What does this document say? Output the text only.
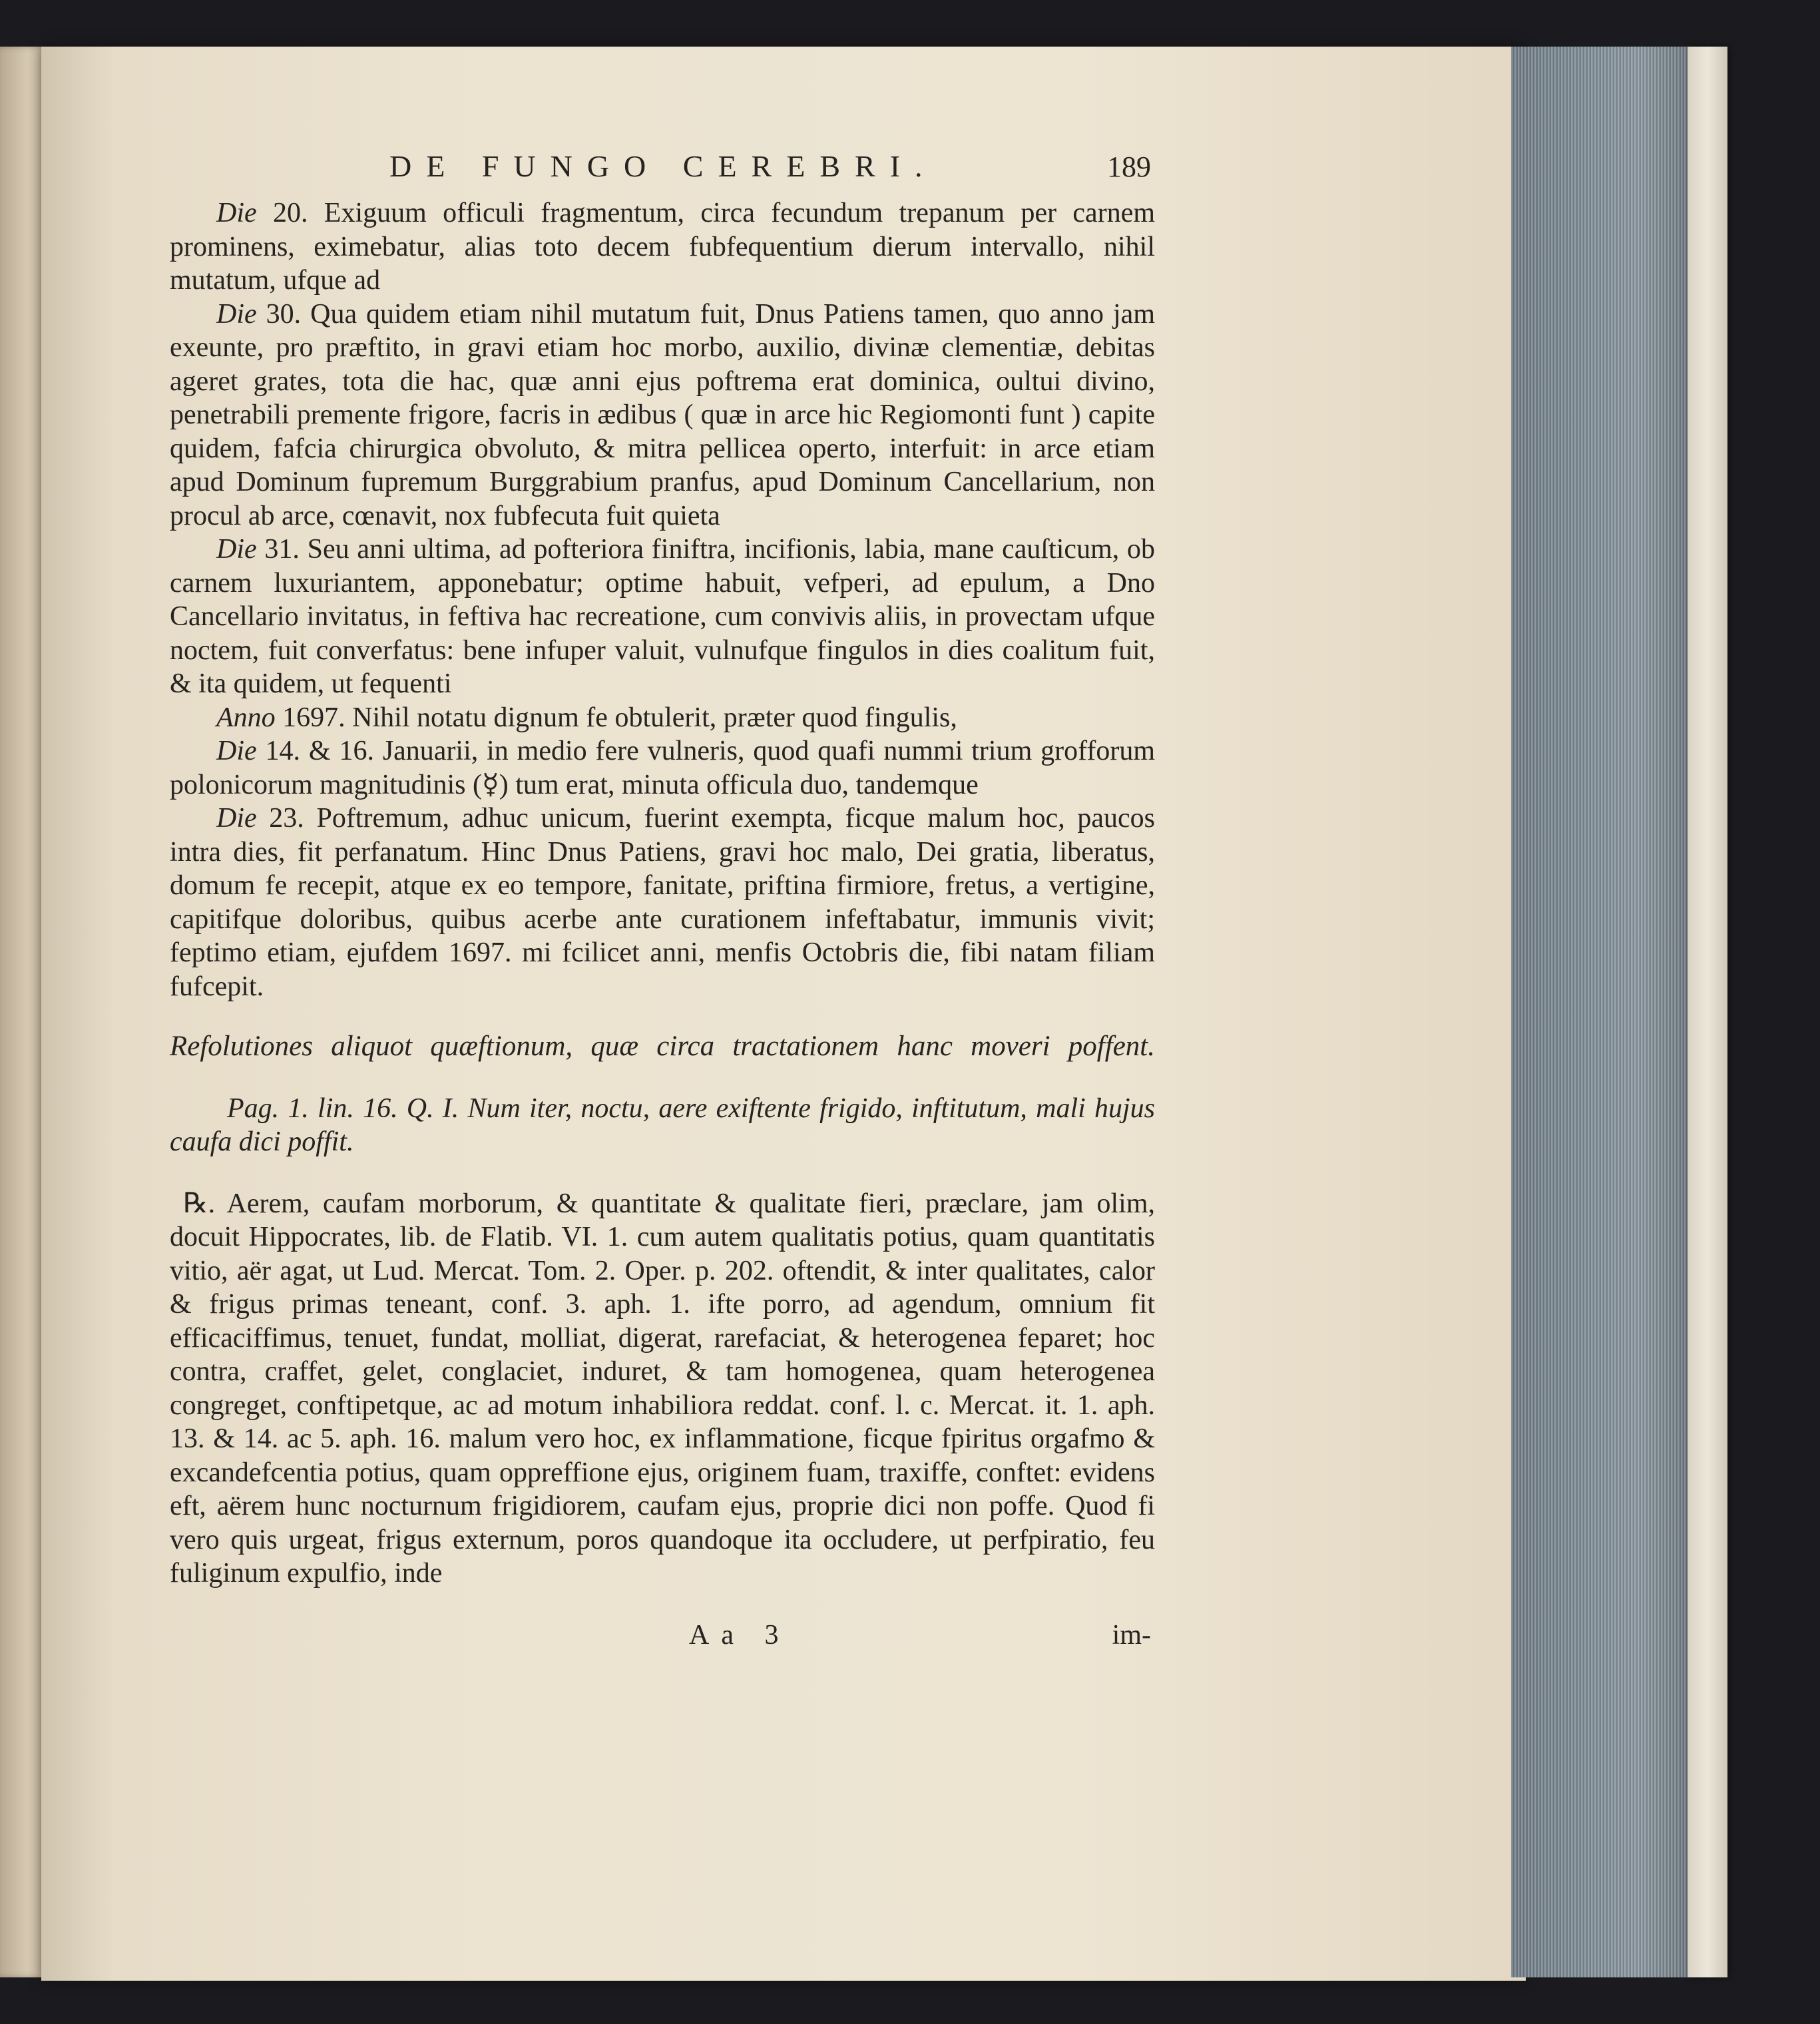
DE FUNGO CEREBRI.	189

Die 20. Exiguum officuli fragmentum, circa fecundum trepanum per carnem prominens, eximebatur, alias toto decem fubfequentium dierum intervallo, nihil mutatum, ufque ad

Die 30. Qua quidem etiam nihil mutatum fuit, Dnus Patiens tamen, quo anno jam exeunte, pro præftito, in gravi etiam hoc morbo, auxilio, divinæ clementiæ, debitas ageret grates, tota die hac, quæ anni ejus poftrema erat dominica, oultui divino, penetrabili premente frigore, facris in ædibus ( quæ in arce hic Regiomonti funt ) capite quidem, fafcia chirurgica obvoluto, & mitra pellicea operto, interfuit: in arce etiam apud Dominum fupremum Burggrabium pranfus, apud Dominum Cancellarium, non procul ab arce, cœnavit, nox fubfecuta fuit quieta

Die 31. Seu anni ultima, ad pofteriora finiftra, incifionis, labia, mane cauſticum, ob carnem luxuriantem, apponebatur; optime habuit, vefperi, ad epulum, a Dno Cancellario invitatus, in feftiva hac recreatione, cum convivis aliis, in provectam ufque noctem, fuit converfatus: bene infuper valuit, vulnufque fingulos in dies coalitum fuit, & ita quidem, ut fequenti

Anno 1697. Nihil notatu dignum fe obtulerit, præter quod fingulis,

Die 14. & 16. Januarii, in medio fere vulneris, quod quafi nummi trium grofforum polonicorum magnitudinis (☿) tum erat, minuta officula duo, tandemque

Die 23. Poftremum, adhuc unicum, fuerint exempta, ficque malum hoc, paucos intra dies, fit perfanatum. Hinc Dnus Patiens, gravi hoc malo, Dei gratia, liberatus, domum fe recepit, atque ex eo tempore, fanitate, priftina firmiore, fretus, a vertigine, capitifque doloribus, quibus acerbe ante curationem infeftabatur, immunis vivit; feptimo etiam, ejufdem 1697. mi fcilicet anni, menfis Octobris die, fibi natam filiam fufcepit.

Refolutiones aliquot quæftionum, quæ circa tractationem hanc moveri poffent.

Pag. 1. lin. 16. Q. I. Num iter, noctu, aere exiftente frigido, inftitutum, mali hujus caufa dici poffit.

℞. Aerem, caufam morborum, & quantitate & qualitate fieri, præclare, jam olim, docuit Hippocrates, lib. de Flatib. VI. 1. cum autem qualitatis potius, quam quantitatis vitio, aër agat, ut Lud. Mercat. Tom. 2. Oper. p. 202. oftendit, & inter qualitates, calor & frigus primas teneant, conf. 3. aph. 1. ifte porro, ad agendum, omnium fit efficaciffimus, tenuet, fundat, molliat, digerat, rarefaciat, & heterogenea feparet; hoc contra, craffet, gelet, conglaciet, induret, & tam homogenea, quam heterogenea congreget, conftipetque, ac ad motum inhabiliora reddat. conf. l. c. Mercat. it. 1. aph. 13. & 14. ac 5. aph. 16. malum vero hoc, ex inflammatione, ficque fpiritus orgafmo & excandefcentia potius, quam oppreffione ejus, originem fuam, traxiffe, conftet: evidens eft, aërem hunc nocturnum frigidiorem, caufam ejus, proprie dici non poffe. Quod fi vero quis urgeat, frigus externum, poros quandoque ita occludere, ut perfpiratio, feu fuliginum expulfio, inde

Aa 3	im-
